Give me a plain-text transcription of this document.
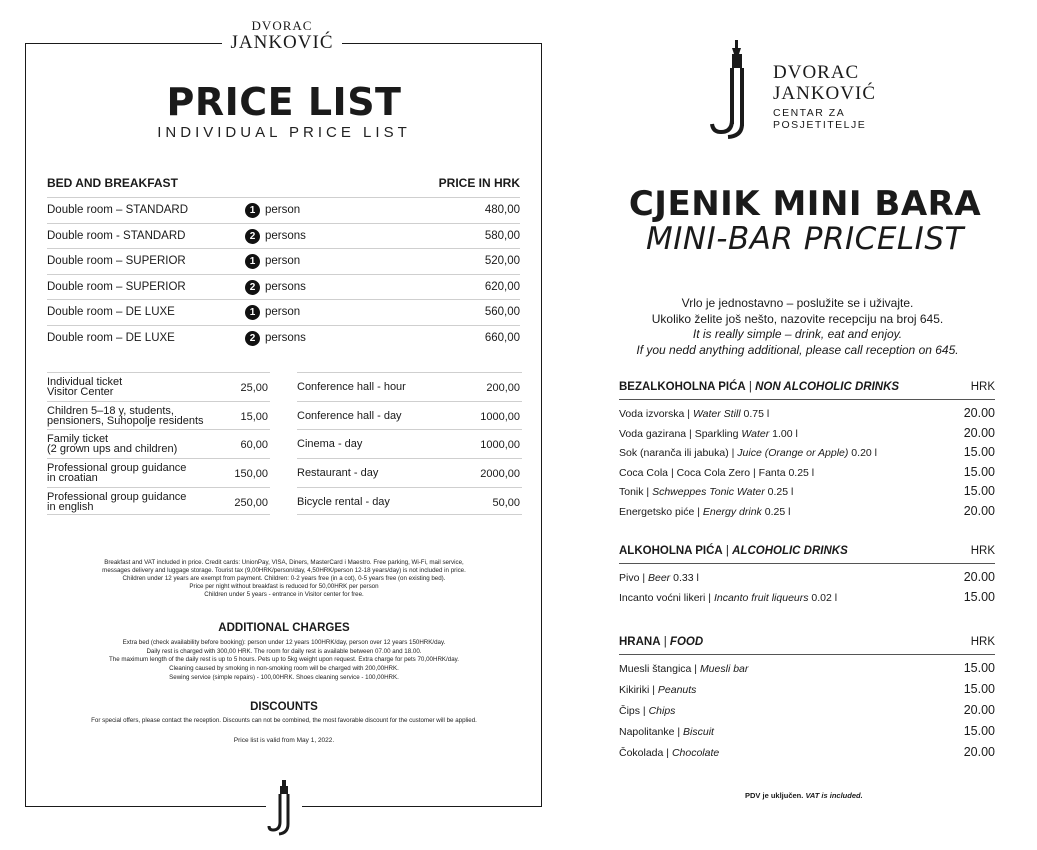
DVORAC
JANKOVIĆ
PRICE LIST
INDIVIDUAL PRICE LIST
BED AND BREAKFAST	PRICE IN HRK
Double room – STANDARD	1 person	480,00
Double room - STANDARD	2 persons	580,00
Double room – SUPERIOR	1 person	520,00
Double room – SUPERIOR	2 persons	620,00
Double room – DE LUXE	1 person	560,00
Double room – DE LUXE	2 persons	660,00
Individual ticket
Visitor Center	25,00
Children 5–18 y, students,
pensioners, Suhopolje residents	15,00
Family ticket
(2 grown ups and children)	60,00
Professional group guidance
in croatian	150,00
Professional group guidance
in english	250,00
Conference hall - hour	200,00
Conference hall - day	1000,00
Cinema - day	1000,00
Restaurant - day	2000,00
Bicycle rental - day	50,00
Breakfast and VAT included in price. Credit cards: UnionPay, VISA, Diners, MasterCard i Maestro. Free parking, Wi-Fi, mail service,
messages delivery and luggage storage. Tourist tax (9,00HRK/person/day, 4,50HRK/person 12-18 years/day) is not included in price.
Children under 12 years are exempt from payment. Children: 0-2 years free (in a cot), 0-5 years free (on existing bed).
Price per night without breakfast is reduced for 50,00HRK per person
Children under 5 years - entrance in Visitor center for free.
ADDITIONAL CHARGES
Extra bed (check availability before booking): person under 12 years 100HRK/day, person over 12 years 150HRK/day.
Daily rest is charged with 300,00 HRK. The room for daily rest is available between 07.00 and 18.00.
The maximum length of the daily rest is up to 5 hours. Pets up to 5kg weight upon request. Extra charge for pets 70,00HRK/day.
Cleaning caused by smoking in non-smoking room will be charged with 200,00HRK.
Sewing service (simple repairs) - 100,00HRK. Shoes cleaning service - 100,00HRK.
DISCOUNTS
For special offers, please contact the reception. Discounts can not be combined, the most favorable discount for the customer will be applied.
Price list is valid from May 1, 2022.
DVORAC
JANKOVIĆ
CENTAR ZA
POSJETITELJE
CJENIK MINI BARA
MINI-BAR PRICELIST
Vrlo je jednostavno – poslužite se i uživajte.
Ukoliko želite još nešto, nazovite recepciju na broj 645.
It is really simple – drink, eat and enjoy.
If you nedd anything additional, please call reception on 645.
BEZALKOHOLNA PIĆA | NON ALCOHOLIC DRINKS	HRK
Voda izvorska | Water Still 0.75 l	20.00
Voda gazirana | Sparkling Water 1.00 l	20.00
Sok (naranča ili jabuka) | Juice (Orange or Apple) 0.20 l	15.00
Coca Cola | Coca Cola Zero | Fanta 0.25 l	15.00
Tonik | Schweppes Tonic Water 0.25 l	15.00
Energetsko piće | Energy drink 0.25 l	20.00
ALKOHOLNA PIĆA | ALCOHOLIC DRINKS	HRK
Pivo | Beer 0.33 l	20.00
Incanto voćni likeri | Incanto fruit liqueurs 0.02 l	15.00
HRANA | FOOD	HRK
Muesli štangica | Muesli bar	15.00
Kikiriki | Peanuts	15.00
Čips | Chips	20.00
Napolitanke | Biscuit	15.00
Čokolada | Chocolate	20.00
PDV je uključen. VAT is included.
